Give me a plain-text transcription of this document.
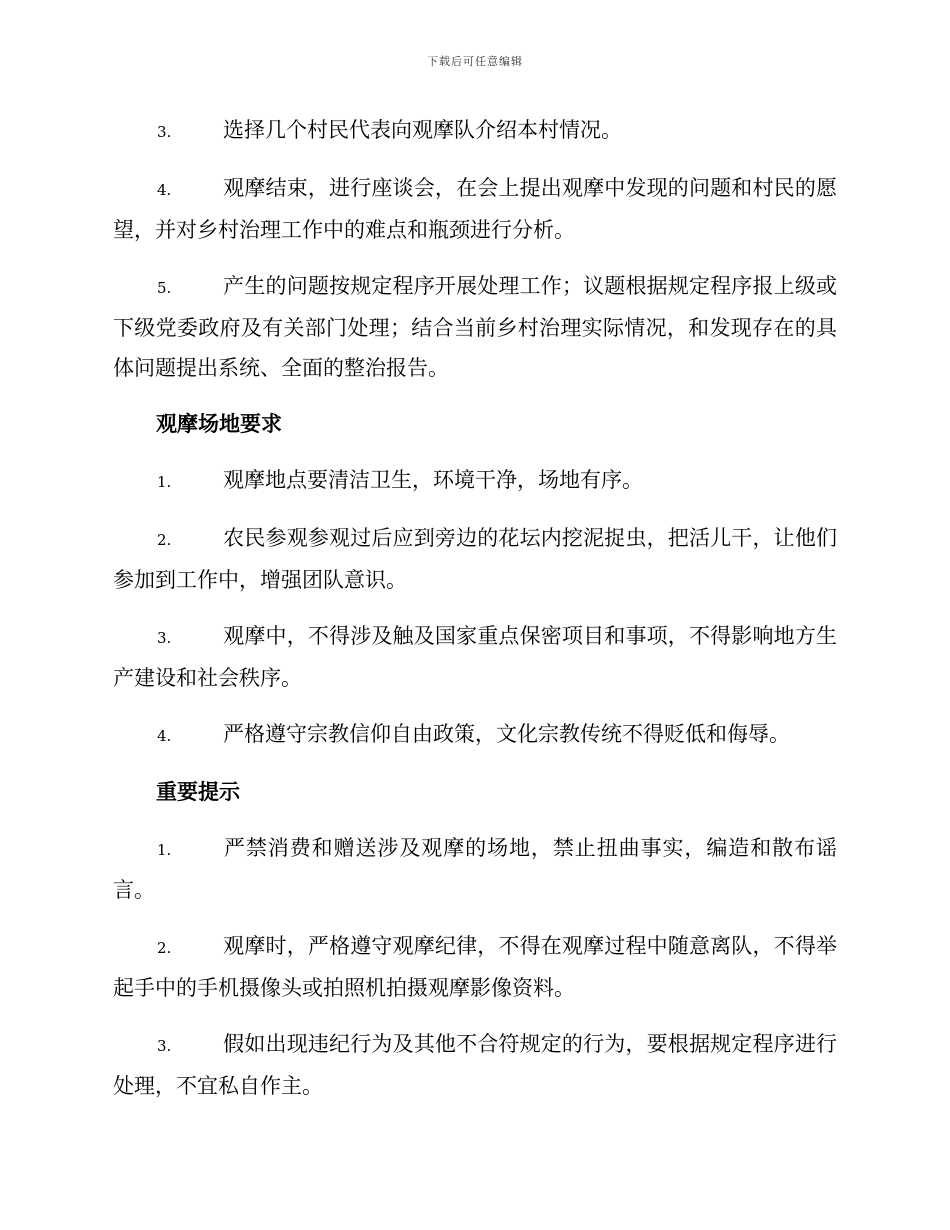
下载后可任意编辑

3. 选择几个村民代表向观摩队介绍本村情况。

4. 观摩结束，进行座谈会，在会上提出观摩中发现的问题和村民的愿望，并对乡村治理工作中的难点和瓶颈进行分析。

5. 产生的问题按规定程序开展处理工作；议题根据规定程序报上级或下级党委政府及有关部门处理；结合当前乡村治理实际情况，和发现存在的具体问题提出系统、全面的整治报告。

观摩场地要求

1. 观摩地点要清洁卫生，环境干净，场地有序。

2. 农民参观参观过后应到旁边的花坛内挖泥捉虫，把活儿干，让他们参加到工作中，增强团队意识。

3. 观摩中，不得涉及触及国家重点保密项目和事项，不得影响地方生产建设和社会秩序。

4. 严格遵守宗教信仰自由政策，文化宗教传统不得贬低和侮辱。

重要提示

1. 严禁消费和赠送涉及观摩的场地，禁止扭曲事实，编造和散布谣言。

2. 观摩时，严格遵守观摩纪律，不得在观摩过程中随意离队，不得举起手中的手机摄像头或拍照机拍摄观摩影像资料。

3. 假如出现违纪行为及其他不合符规定的行为，要根据规定程序进行处理，不宜私自作主。
